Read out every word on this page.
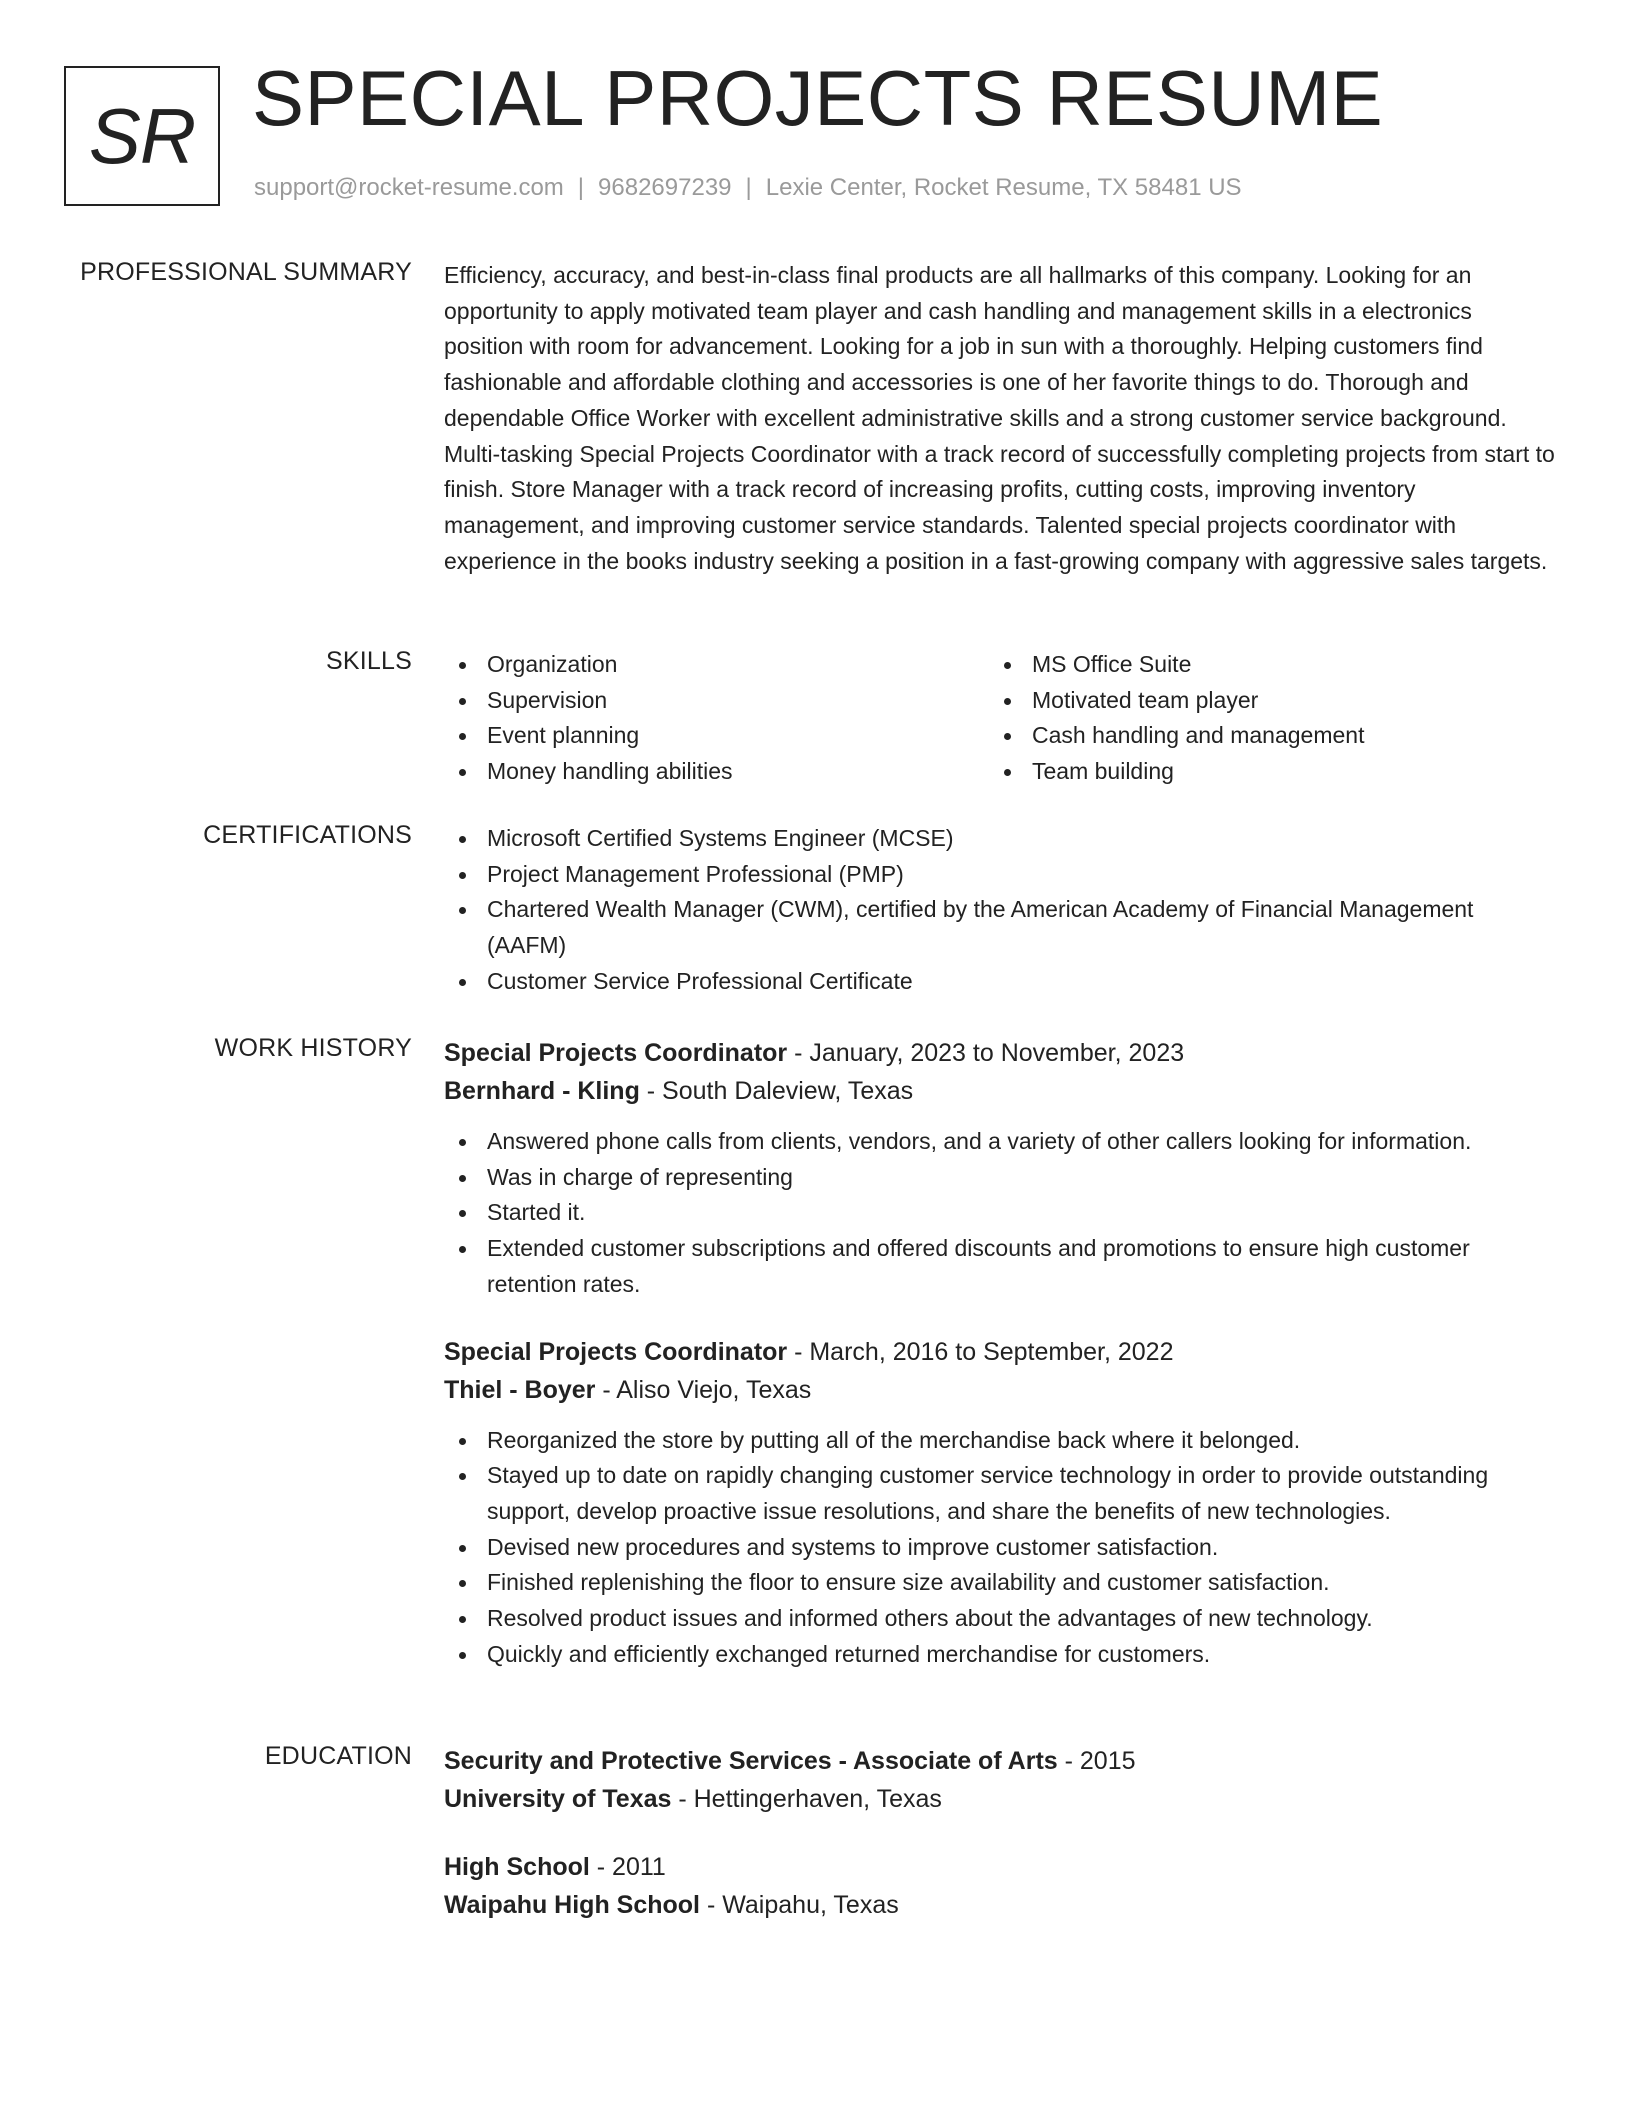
SR SPECIAL PROJECTS RESUME
support@rocket-resume.com | 9682697239 | Lexie Center, Rocket Resume, TX 58481 US
PROFESSIONAL SUMMARY Efficiency, accuracy, and best-in-class final products are all hallmarks of this company. Looking for an opportunity to apply motivated team player and cash handling and management skills in a electronics position with room for advancement. Looking for a job in sun with a thoroughly. Helping customers find fashionable and affordable clothing and accessories is one of her favorite things to do. Thorough and dependable Office Worker with excellent administrative skills and a strong customer service background. Multi-tasking Special Projects Coordinator with a track record of successfully completing projects from start to finish. Store Manager with a track record of increasing profits, cutting costs, improving inventory management, and improving customer service standards. Talented special projects coordinator with experience in the books industry seeking a position in a fast-growing company with aggressive sales targets.

SKILLS	Organization
Supervision
Event planning
Money handling abilities
MS Office Suite
Motivated team player
Cash handling and management
Team building
CERTIFICATIONS	Microsoft Certified Systems Engineer (MCSE)
Project Management Professional (PMP)
Chartered Wealth Manager (CWM), certified by the American Academy of Financial Management (AAFM)
Customer Service Professional Certificate
WORK HISTORY Special Projects Coordinator - January, 2023 to November, 2023
Bernhard - Kling - South Daleview, Texas
Answered phone calls from clients, vendors, and a variety of other callers looking for information.
Was in charge of representing
Started it.
Extended customer subscriptions and offered discounts and promotions to ensure high customer retention rates.
Special Projects Coordinator - March, 2016 to September, 2022
Thiel - Boyer - Aliso Viejo, Texas
Reorganized the store by putting all of the merchandise back where it belonged.
Stayed up to date on rapidly changing customer service technology in order to provide outstanding support, develop proactive issue resolutions, and share the benefits of new technologies.
Devised new procedures and systems to improve customer satisfaction.
Finished replenishing the floor to ensure size availability and customer satisfaction.
Resolved product issues and informed others about the advantages of new technology.
Quickly and efficiently exchanged returned merchandise for customers.
EDUCATION Security and Protective Services - Associate of Arts - 2015
University of Texas - Hettingerhaven, Texas
High School - 2011
Waipahu High School - Waipahu, Texas
